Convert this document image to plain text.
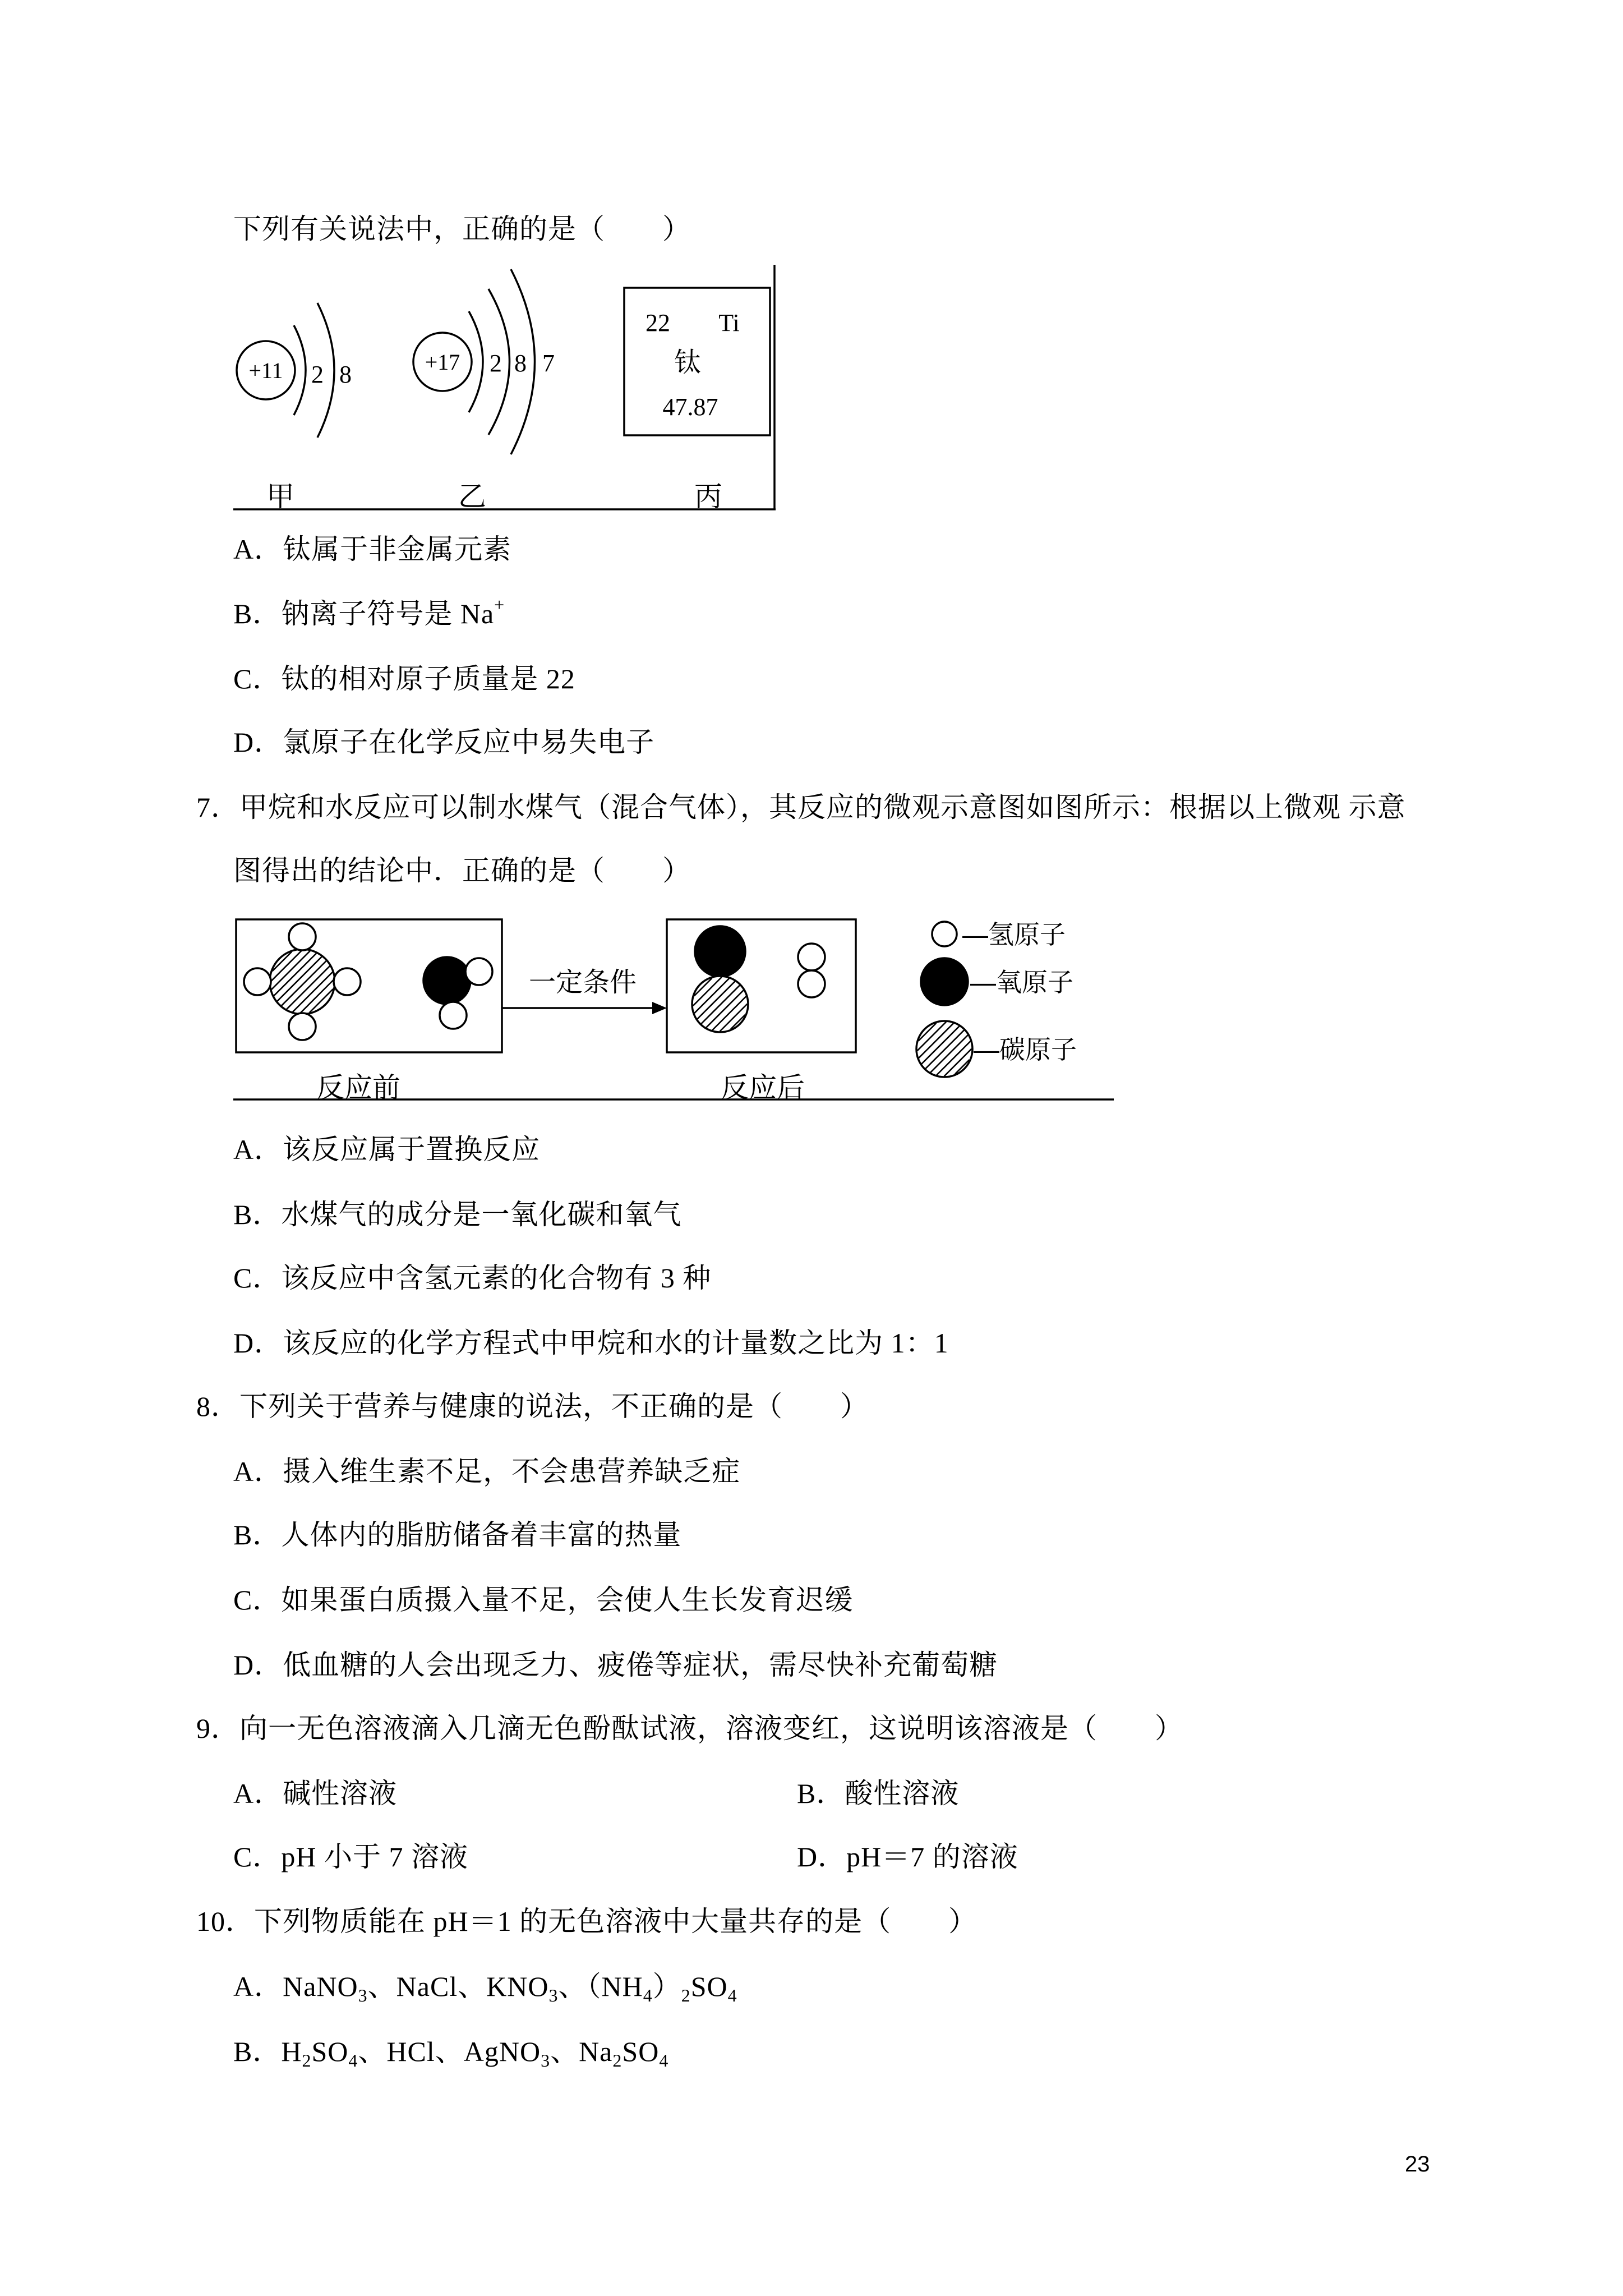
下列有关说法中，正确的是（　　）
+11 2 8	+17 2 8 7
22 Ti
钛
47.87
甲	乙	丙
A．钛属于非金属元素
B．钠离子符号是 Na+
C．钛的相对原子质量是 22
D．氯原子在化学反应中易失电子
7．甲烷和水反应可以制水煤气（混合气体），其反应的微观示意图如图所示：根据以上微观 示意
图得出的结论中．正确的是（　　）
一定条件
—氢原子
—氧原子
—碳原子
反应前	反应后
A．该反应属于置换反应
B．水煤气的成分是一氧化碳和氧气
C．该反应中含氢元素的化合物有 3 种
D．该反应的化学方程式中甲烷和水的计量数之比为 1：1
8．下列关于营养与健康的说法，不正确的是（　　）
A．摄入维生素不足，不会患营养缺乏症
B．人体内的脂肪储备着丰富的热量
C．如果蛋白质摄入量不足，会使人生长发育迟缓
D．低血糖的人会出现乏力、疲倦等症状，需尽快补充葡萄糖
9．向一无色溶液滴入几滴无色酚酞试液，溶液变红，这说明该溶液是（　　）
A．碱性溶液	B．酸性溶液
C．pH 小于 7 溶液	D．pH＝7 的溶液
10．下列物质能在 pH＝1 的无色溶液中大量共存的是（　　）
A．NaNO$_3$、NaCl、$KNO_3$、$(NH_4)_2SO_4$
B．$H_2SO_4$、HCl、AgNO$_3$、$Na_2SO_4$
23
